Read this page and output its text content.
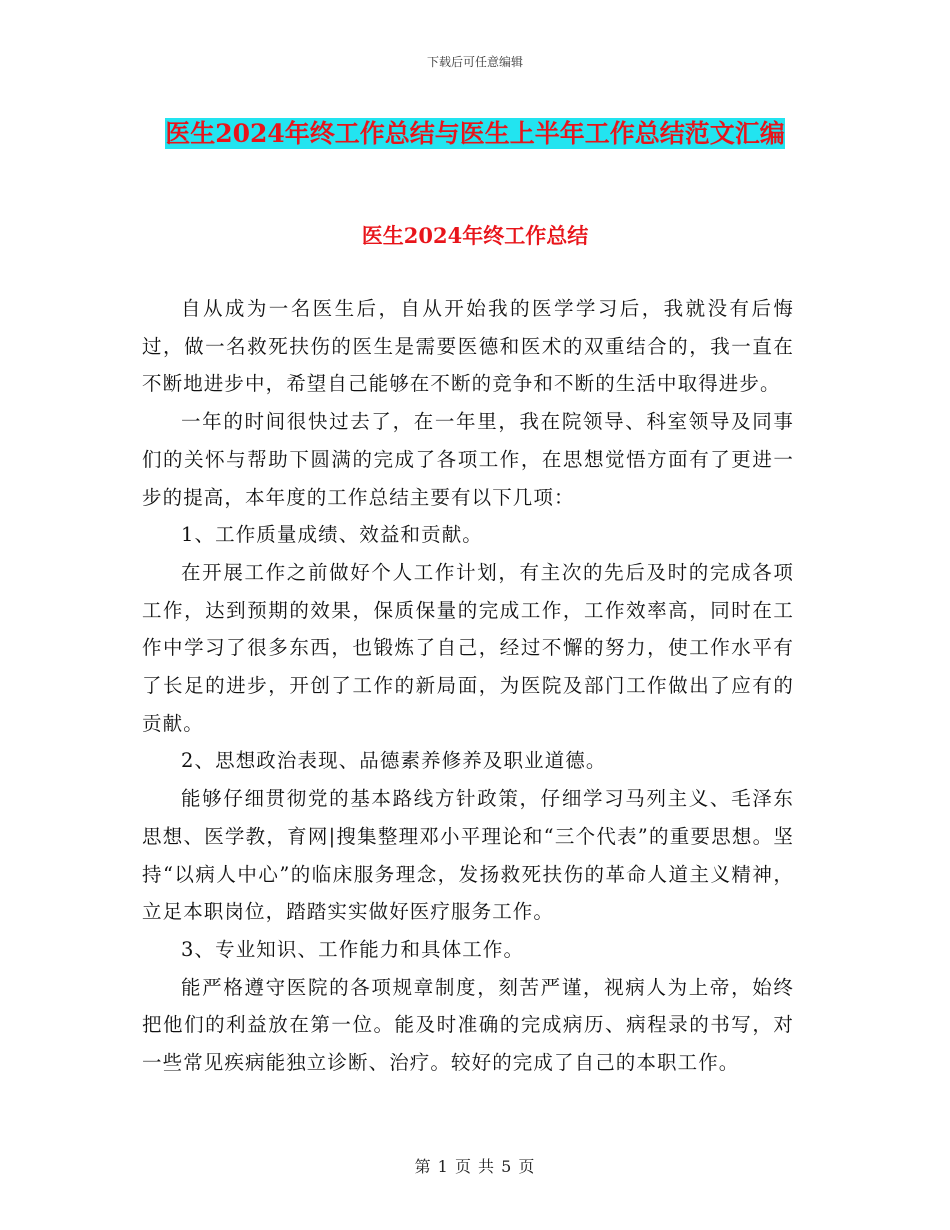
下载后可任意编辑
医生2024年终工作总结与医生上半年工作总结范文汇编
医生2024年终工作总结

自从成为一名医生后，自从开始我的医学学习后，我就没有后悔过，做一名救死扶伤的医生是需要医德和医术的双重结合的，我一直在不断地进步中，希望自己能够在不断的竞争和不断的生活中取得进步。

一年的时间很快过去了，在一年里，我在院领导、科室领导及同事们的关怀与帮助下圆满的完成了各项工作，在思想觉悟方面有了更进一步的提高，本年度的工作总结主要有以下几项：

1、工作质量成绩、效益和贡献。

在开展工作之前做好个人工作计划，有主次的先后及时的完成各项工作，达到预期的效果，保质保量的完成工作，工作效率高，同时在工作中学习了很多东西，也锻炼了自己，经过不懈的努力，使工作水平有了长足的进步，开创了工作的新局面，为医院及部门工作做出了应有的贡献。

2、思想政治表现、品德素养修养及职业道德。

能够仔细贯彻党的基本路线方针政策，仔细学习马列主义、毛泽东思想、医学教，育网|搜集整理邓小平理论和“三个代表”的重要思想。坚持“以病人中心”的临床服务理念，发扬救死扶伤的革命人道主义精神，立足本职岗位，踏踏实实做好医疗服务工作。

3、专业知识、工作能力和具体工作。

能严格遵守医院的各项规章制度，刻苦严谨，视病人为上帝，始终把他们的利益放在第一位。能及时准确的完成病历、病程录的书写，对一些常见疾病能独立诊断、治疗。较好的完成了自己的本职工作。

第 1 页 共 5 页
